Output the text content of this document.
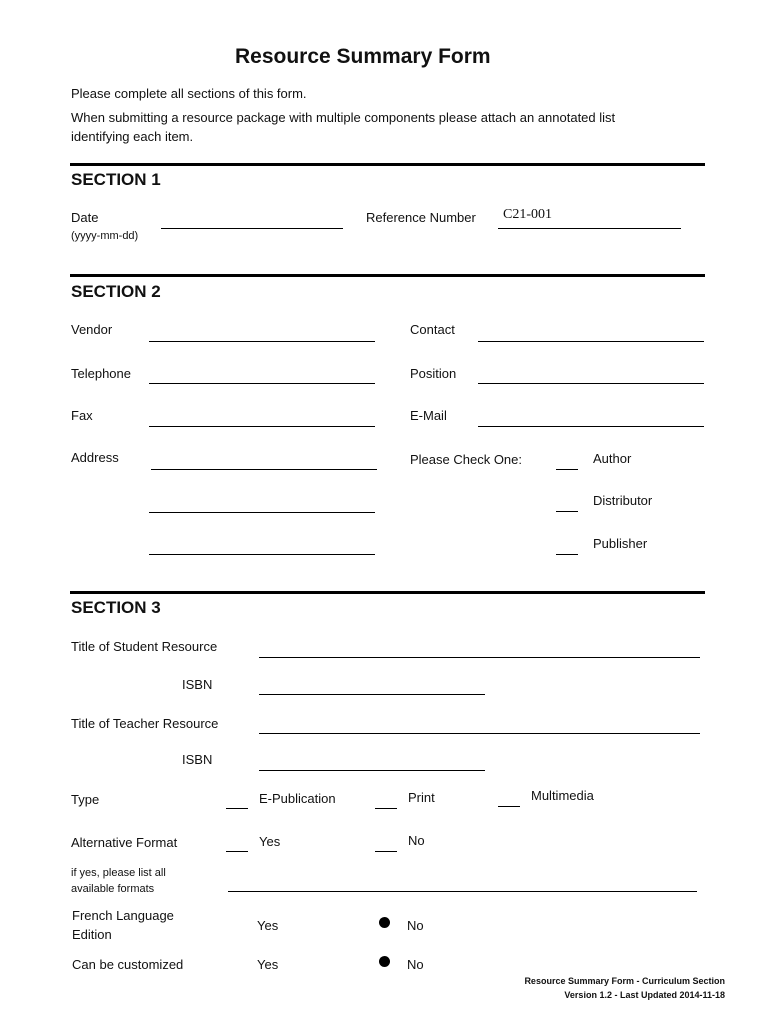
Resource Summary Form
Please complete all sections of this form.
When submitting a resource package with multiple components please attach an annotated list
identifying each item.
SECTION 1
Date
(yyyy-mm-dd)
Reference Number C21-001
SECTION 2
Vendor	Contact
Telephone	Position
Fax	E-Mail
Address	Please Check One:	Author
Distributor
Publisher
SECTION 3
Title of Student Resource
ISBN
Title of Teacher Resource
ISBN
Type	E-Publication	Print	Multimedia
Alternative Format	Yes	No
if yes, please list all
available formats
French Language
Edition
Yes	No
Can be customized	Yes	No
Resource Summary Form - Curriculum Section
Version 1.2 - Last Updated 2014-11-18
